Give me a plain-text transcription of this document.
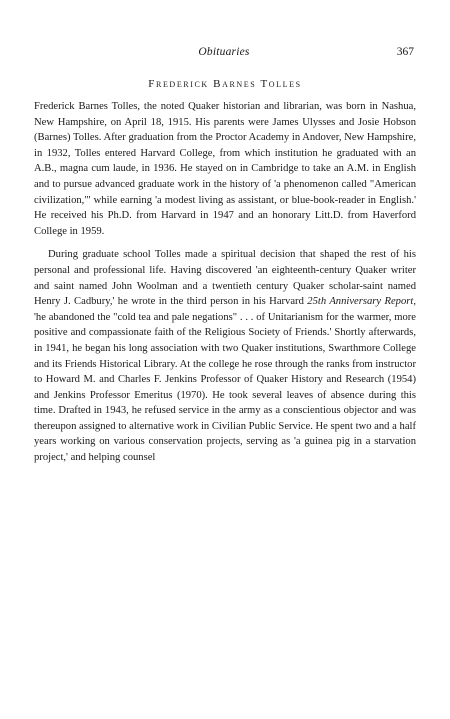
Obituaries	367
Frederick Barnes Tolles

Frederick Barnes Tolles, the noted Quaker historian and librarian, was born in Nashua, New Hampshire, on April 18, 1915. His parents were James Ulysses and Josie Hobson (Barnes) Tolles. After graduation from the Proctor Academy in Andover, New Hampshire, in 1932, Tolles entered Harvard College, from which institution he graduated with an A.B., magna cum laude, in 1936. He stayed on in Cambridge to take an A.M. in English and to pursue advanced graduate work in the history of 'a phenomenon called "American civilization,"' while earning 'a modest living as assistant, or blue-book-reader in English.' He received his Ph.D. from Harvard in 1947 and an honorary Litt.D. from Haverford College in 1959.

During graduate school Tolles made a spiritual decision that shaped the rest of his personal and professional life. Having discovered 'an eighteenth-century Quaker writer and saint named John Woolman and a twentieth century Quaker scholar-saint named Henry J. Cadbury,' he wrote in the third person in his Harvard 25th Anniversary Report, 'he abandoned the "cold tea and pale negations" . . . of Unitarianism for the warmer, more positive and compassionate faith of the Religious Society of Friends.' Shortly afterwards, in 1941, he began his long association with two Quaker institutions, Swarthmore College and its Friends Historical Library. At the college he rose through the ranks from instructor to Howard M. and Charles F. Jenkins Professor of Quaker History and Research (1954) and Jenkins Professor Emeritus (1970). He took several leaves of absence during this time. Drafted in 1943, he refused service in the army as a conscientious objector and was thereupon assigned to alternative work in Civilian Public Service. He spent two and a half years working on various conservation projects, serving as 'a guinea pig in a starvation project,' and helping counsel
